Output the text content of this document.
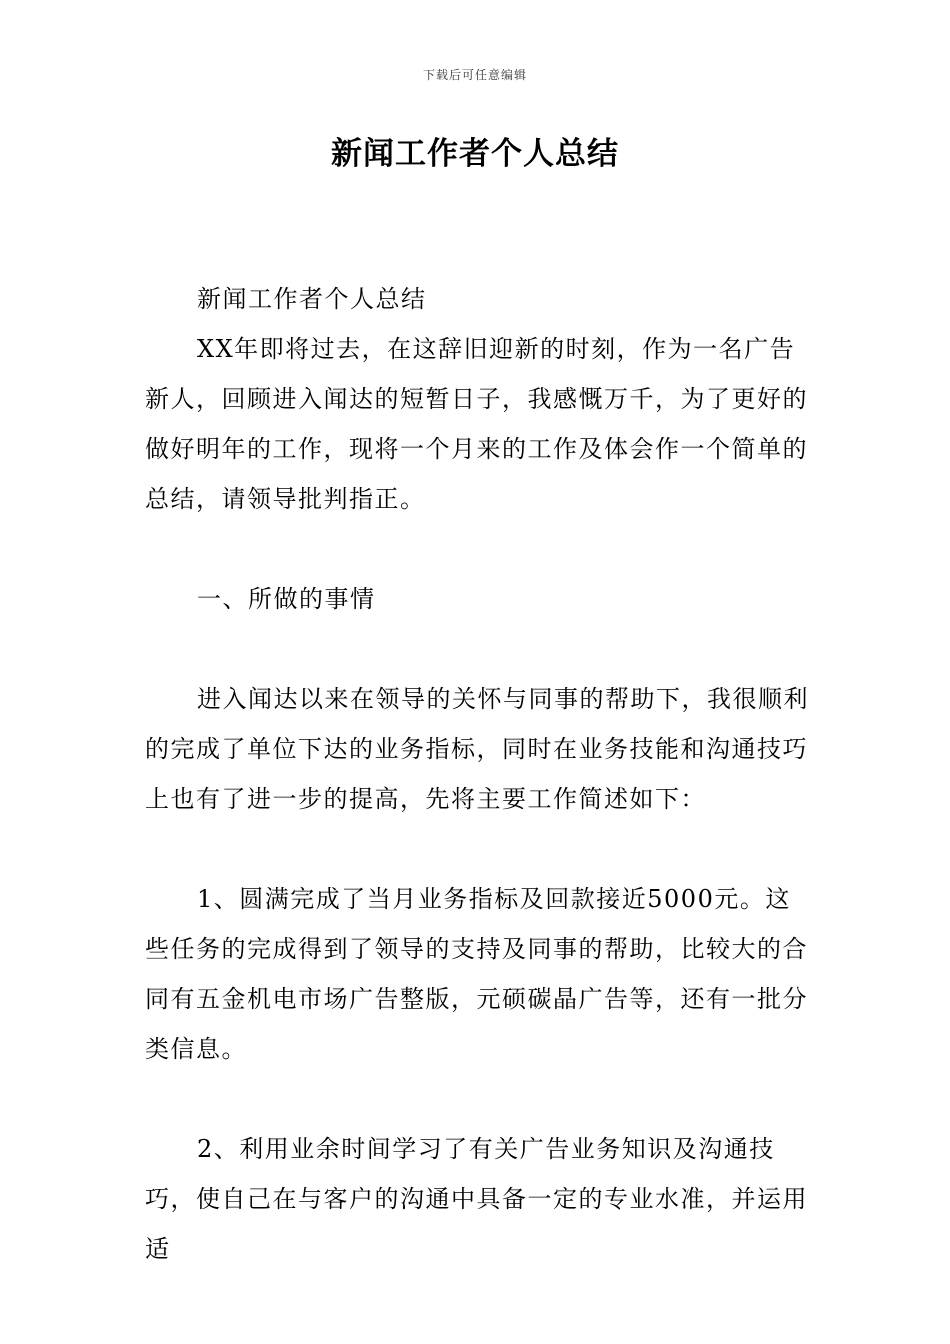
下载后可任意编辑
新闻工作者个人总结

新闻工作者个人总结

XX年即将过去，在这辞旧迎新的时刻，作为一名广告新人，回顾进入闻达的短暂日子，我感慨万千，为了更好的做好明年的工作，现将一个月来的工作及体会作一个简单的总结，请领导批判指正。

一、所做的事情

进入闻达以来在领导的关怀与同事的帮助下，我很顺利的完成了单位下达的业务指标，同时在业务技能和沟通技巧上也有了进一步的提高，先将主要工作简述如下：

1、圆满完成了当月业务指标及回款接近5000元。这些任务的完成得到了领导的支持及同事的帮助，比较大的合同有五金机电市场广告整版，元硕碳晶广告等，还有一批分类信息。

2、利用业余时间学习了有关广告业务知识及沟通技巧，使自己在与客户的沟通中具备一定的专业水准，并运用适
